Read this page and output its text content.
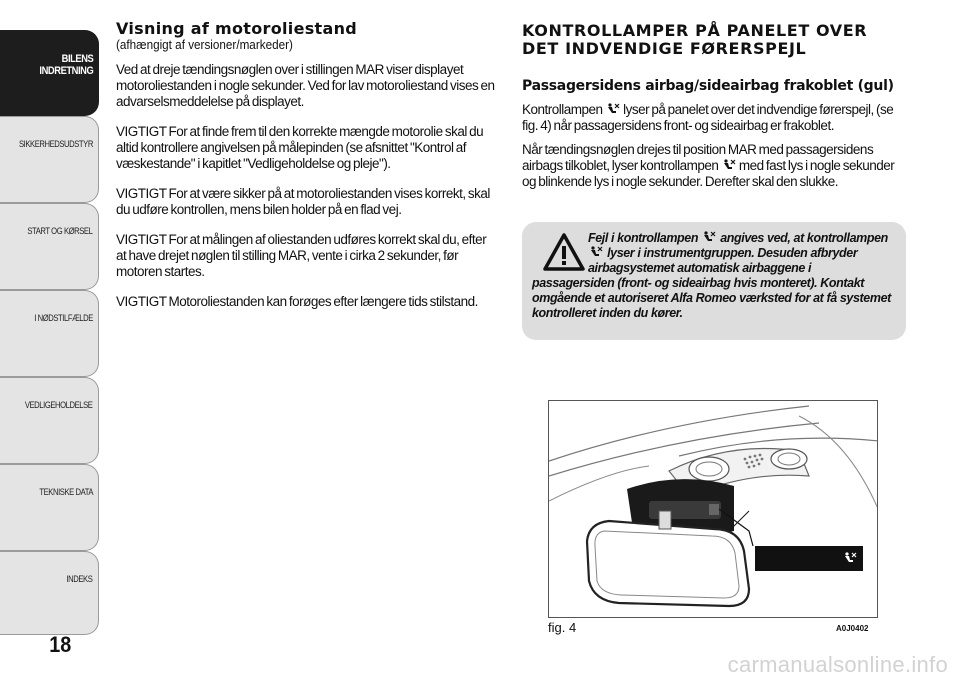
BILENS
INDRETNING
SIKKERHEDSUDSTYR
START OG KØRSEL
I NØDSTILFÆLDE
VEDLIGEHOLDELSE
TEKNISKE DATA
INDEKS
18
Visning af motoroliestand

(afhængigt af versioner/markeder)

Ved at dreje tændingsnøglen over i stillingen MAR viser displayet motoroliestanden i nogle sekunder. Ved for lav motoroliestand vises en advarselsmeddelelse på displayet.

VIGTIGT For at finde frem til den korrekte mængde motorolie skal du altid kontrollere angivelsen på målepinden (se afsnittet "Kontrol af væskestande" i kapitlet "Vedligeholdelse og pleje").

VIGTIGT For at være sikker på at motoroliestanden vises korrekt, skal du udføre kontrollen, mens bilen holder på en flad vej.

VIGTIGT For at målingen af oliestanden udføres korrekt skal du, efter at have drejet nøglen til stilling MAR, vente i cirka 2 sekunder, før motoren startes.

VIGTIGT Motoroliestanden kan forøges efter længere tids stilstand.

KONTROLLAMPER PÅ PANELET OVER
DET INDVENDIGE FØRERSPEJL
Passagersidens airbag/sideairbag frakoblet (gul)

Kontrollampen lyser på panelet over det indvendige førerspejl, (se fig. 4) når passagersidens front- og sideairbag er frakoblet.

Når tændingsnøglen drejes til position MAR med passagersidens airbags tilkoblet, lyser kontrollampen med fast lys i nogle sekunder og blinkende lys i nogle sekunder. Derefter skal den slukke.

Fejl i kontrollampen angives ved, at kontrollampen
lyser i instrumentgruppen. Desuden afbryder airbagsystemet automatisk airbaggene i
passagersiden (front- og sideairbag hvis monteret). Kontakt omgående et autoriseret Alfa Romeo værksted for at få systemet kontrolleret inden du kører.
fig. 4	A0J0402
carmanualsonline.info
